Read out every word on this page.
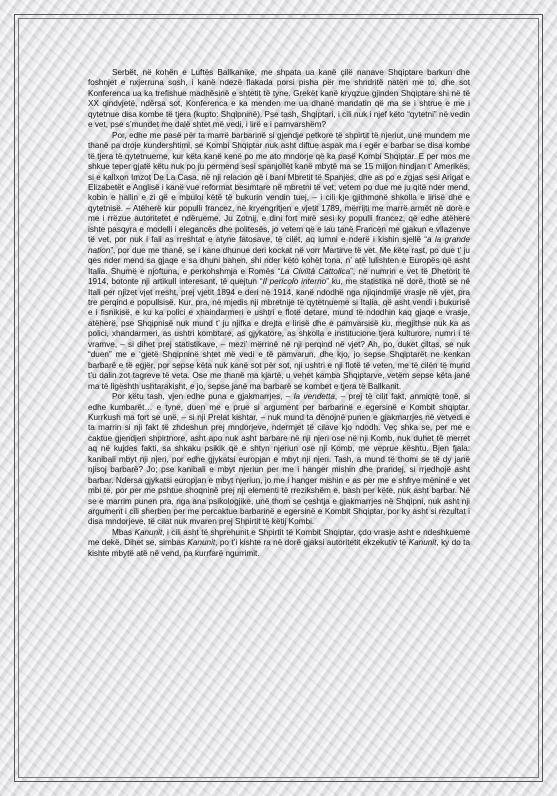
Serbët, në kohën e Luftës Ballkanike, me shpata ua kanë çilë nanave Shqiptare barkun dhe foshnjet e nxjerruna sosh, i kanë ndezë flakada porsi pisha për me shndritë natën me to, dhe sot Konferenca ua ka trefishue madhësinë e shtetit të tyne. Grekët kanë kryqzue gjinden Shqiptare shi në të XX qindvjetë, ndërsa sot, Konferenca e ka menden me ua dhanë mandatin që ma se i shtrue e me i qytetnue disa kombe të tjera (kupto: Shqipninë). Pse tash, Shqiptari, i cili nuk i njef këto “qytetni” në vedin e vet, pse s’mundet me dalë shtet më vedi, i lirë e i pamvarshëm?

Por, edhe me pasë për ta marrë barbarinë si gjendje petkore të shpirtit të njeriut, unë mundem me thanë pa droje kundershtimi, se Kombi Shqiptar nuk asht diftue aspak ma i egër e barbar se disa kombe të tjera të qytetnueme, kur këta kanë kenë po me ato mndorje që ka pasë Kombi Shqiptar. E per mos me shkue teper gjatë këtu nuk po ju permend sesi spanjollët kanë mbytë ma se 15 miljon hindjan t’ Amerikës, si e kallxon Imzot De La Casa, në nji relacion që i bani Mbretit të Spanjës, dhe as po e zgjas sesi Arigat e Elizabetët e Anglisë i kanë vue reformat besimtare në mbretni të vet; vetem po due me ju qitë nder mend, kobin e hallin e zi që e mbuloi këtë të bukurin vendin tuej, – i cili kje gjithmonë shkolla e lirisë dhe e qytetnisë. – Atëherë kur populli francez, në kryengritjen e vjetit 1789, mërrijti me marrë armët në dorë e me i rrëzue autoritetet e ndërueme, Ju Zotnij, e dini fort mirë sesi ky populli francez, që edhe atëherë ishte pasqyra e modelli i elegancës dhe politesës, jo vetem që e lau tanë Francën me gjakun e vllazenve të vet, por nuk i fali as rreshtat e atyne fatosave, të cilët, aq lumni e nderë i kishin sjellë “a la grande nation”, por due me thanë, se i kane dhunue deri kockat në vorr Martirve të vet. Me këte rast, po due t’ ju qes nder mend sa gjaqe e sa dhuni bahen, shi nder këto kohët tona, n’ atë lulishten e Europës që asht Italia. Shumë e njoftuna, e perkohshmja e Romës “La Civiltà Cattolica”, në numrin e vet të Dhetorit të 1914, botonte nji artikull interesant, të quejtun “Il pericolo interno” ku, me statistika në dorë, thotë se në Itali per njizet vjet rresht, prej vjetit 1894 e deri në 1914, kanë ndodhë nga njiqindmijë vrasje në vjet, pra tre perqind e popullsisë. Kur, pra, në mjedis nji mbretnije të qytetnueme si Italia, që asht vendi i bukurisë e i fisnikisë, e ku ka polici e xhaindarmeri e ushtri e flotë detare, mund të ndodhin kaq gjaqe e vrasje, atëherë, pse Shqipnisë nuk mund t’ ju njifka e drejta e lirisë dhe e pamvarsisë ku, megjithse nuk ka as polici, xhandarmeri, as ushtri kombtare, as gjykatore, as shkolla e institucione tjera kulturore, numri i të vramve, – si dihet prej statistikave, – mezi’ mërrinë në nji perqind në vjet? Ah, po, duket çiltas, se nuk “duen” me e ‘gjetë Shqipninë shtet më vedi e të pamvarun, dhe kjo, jo sepse Shqiptarët ne kenkan barbarë e të egjër, por sepse këta nuk kanë sot për sot, nji ushtri e nji flotë të veten, me të cilën të mund t’u dalin zot tagreve të veta. Ose me thanë ma kjartë, u vehet kamba Shqiptarve, vetëm sepse këta janë ma të ligështh ushtarakisht, e jo, sepse janë ma barbarë se kombet e tjera të Ballkanit.

Por këtu tash, vjen edhe puna e gjakmarrjes, – la vendetta, – prej të cilit fakt, anmiqtë tonë, si edhe kumbarët… e tyne, duen me e prue si argument per barbarinë e egersinë e Kombit shqiptar. Kurrkush ma fort se unë, – si nji Prelat kishtar, – nuk mund ta dënojnë punen e gjakmarrjes në vetvedi e ta marrin si nji fakt të zhdeshun prej mndorjeve, ndermjet të cilave kjo ndodh. Veç shka se, per me e caktue gjendjen shpirtnore, asht apo nuk asht barbare në nji njeri ose në nji Komb, nuk duhet të merret aq në kujdes fakti, sa shkaku psikik që e shtyn njeriun ose nji Komb, me veprue kështu. Bjen fjala: kanibali mbyt nji njeri, por edhe gjykatsi europjan e mbyt nji njeri. Tash, a mund të thomi se të dy janë njisoj barbarë? Jo; pse kanibali e mbyt njeriun per me i hanger mishin dhe prandej, si rrjedhojë asht barbar. Ndersa gjykatsi europjan e mbyt njeriun, jo me i hanger mishin e as per me e shfrye mëninë e vet mbi te, por per me pshtue shoqninë prej nji elementi të rrezikshëm e, bash per këte, nuk asht barbar. Në se e marrim punen pra, nga ana psikologjike, unë thom se çeshtja e gjakmarrjes në Shqipni, nuk asht nji argument i cili sherben per me percaktue barbarinë e egersinë e Kombit Shqiptar, por ky asht si rezultat i disa mndorjeve, të cilat nuk mvaren prej Shpirtit të këtij Kombi.

Mbas Kanunit, i cili asht të shprehunit e Shpirtit të Kombit Shqiptar, çdo vrasje asht e ndeshkueme me dekë. Dihet se, simbas Kanunit, po t’i kishte ra në dorë gjaksi autoritetit ekzekutiv të Kanunit, ky do ta kishte mbytë atë në vend, pa kurrfarë ngurrimit.
